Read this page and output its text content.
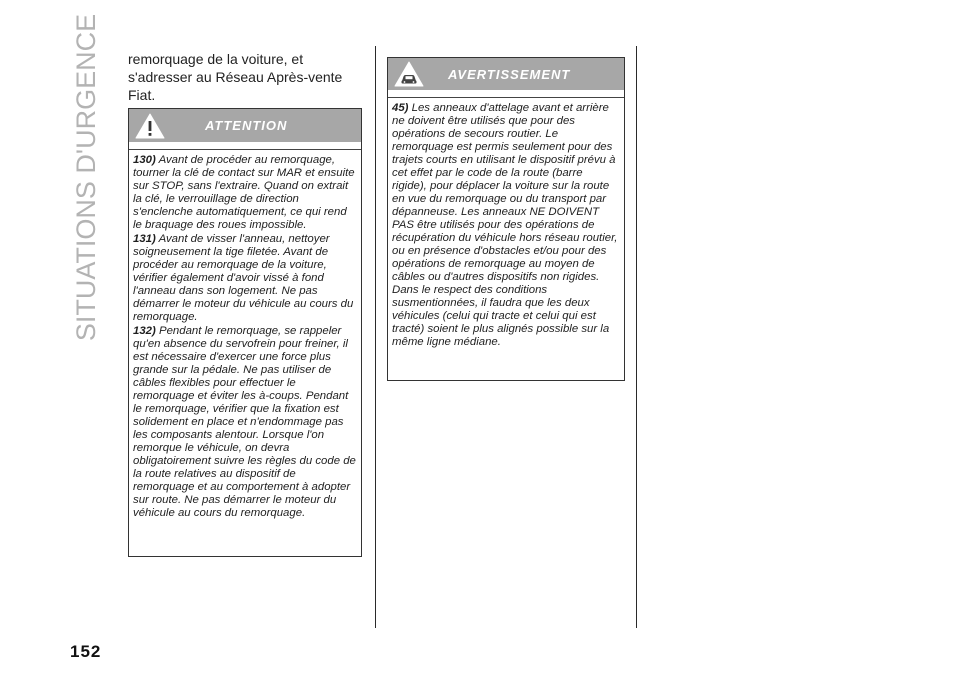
SITUATIONS D'URGENCE
152
remorquage de la voiture, et s'adresser au Réseau Après-vente Fiat.
ATTENTION

130) Avant de procéder au remorquage, tourner la clé de contact sur MAR et ensuite sur STOP, sans l'extraire. Quand on extrait la clé, le verrouillage de direction s'enclenche automatiquement, ce qui rend le braquage des roues impossible.

131) Avant de visser l'anneau, nettoyer soigneusement la tige filetée. Avant de procéder au remorquage de la voiture, vérifier également d'avoir vissé à fond l'anneau dans son logement. Ne pas démarrer le moteur du véhicule au cours du remorquage.

132) Pendant le remorquage, se rappeler qu'en absence du servofrein pour freiner, il est nécessaire d'exercer une force plus grande sur la pédale. Ne pas utiliser de câbles flexibles pour effectuer le remorquage et éviter les à-coups. Pendant le remorquage, vérifier que la fixation est solidement en place et n'endommage pas les composants alentour. Lorsque l'on remorque le véhicule, on devra obligatoirement suivre les règles du code de la route relatives au dispositif de remorquage et au comportement à adopter sur route. Ne pas démarrer le moteur du véhicule au cours du remorquage.

AVERTISSEMENT

45) Les anneaux d'attelage avant et arrière ne doivent être utilisés que pour des opérations de secours routier. Le remorquage est permis seulement pour des trajets courts en utilisant le dispositif prévu à cet effet par le code de la route (barre rigide), pour déplacer la voiture sur la route en vue du remorquage ou du transport par dépanneuse. Les anneaux NE DOIVENT PAS être utilisés pour des opérations de récupération du véhicule hors réseau routier, ou en présence d'obstacles et/ou pour des opérations de remorquage au moyen de câbles ou d'autres dispositifs non rigides. Dans le respect des conditions susmentionnées, il faudra que les deux véhicules (celui qui tracte et celui qui est tracté) soient le plus alignés possible sur la même ligne médiane.
